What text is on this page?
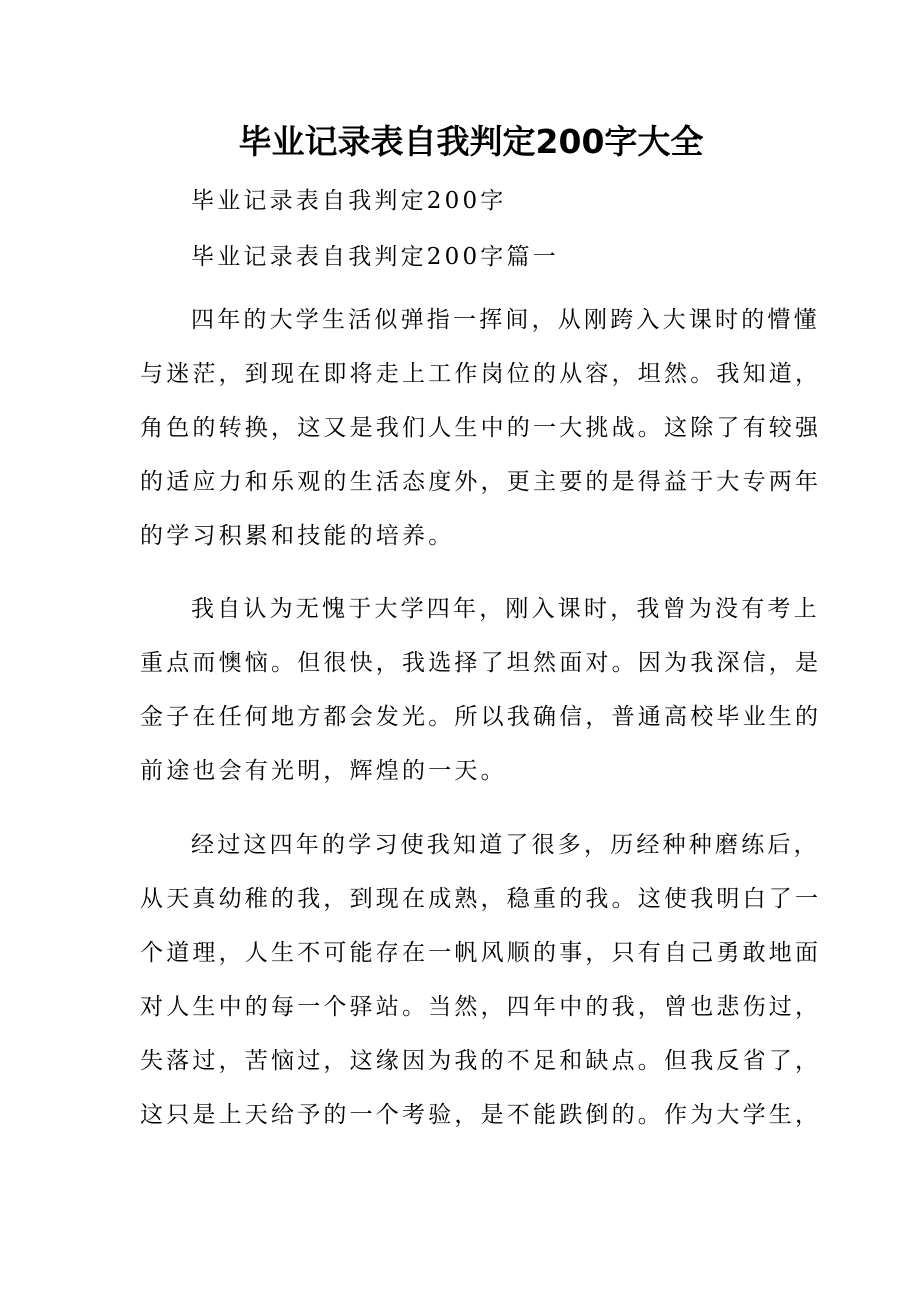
毕业记录表自我判定200字大全
毕业记录表自我判定200字
毕业记录表自我判定200字篇一
四年的大学生活似弹指一挥间，从刚跨入大课时的懵懂
与迷茫，到现在即将走上工作岗位的从容，坦然。我知道，
角色的转换，这又是我们人生中的一大挑战。这除了有较强
的适应力和乐观的生活态度外，更主要的是得益于大专两年
的学习积累和技能的培养。
我自认为无愧于大学四年，刚入课时，我曾为没有考上
重点而懊恼。但很快，我选择了坦然面对。因为我深信，是
金子在任何地方都会发光。所以我确信，普通高校毕业生的
前途也会有光明，辉煌的一天。
经过这四年的学习使我知道了很多，历经种种磨练后，
从天真幼稚的我，到现在成熟，稳重的我。这使我明白了一
个道理，人生不可能存在一帆风顺的事，只有自己勇敢地面
对人生中的每一个驿站。当然，四年中的我，曾也悲伤过，
失落过，苦恼过，这缘因为我的不足和缺点。但我反省了，
这只是上天给予的一个考验，是不能跌倒的。作为大学生，
